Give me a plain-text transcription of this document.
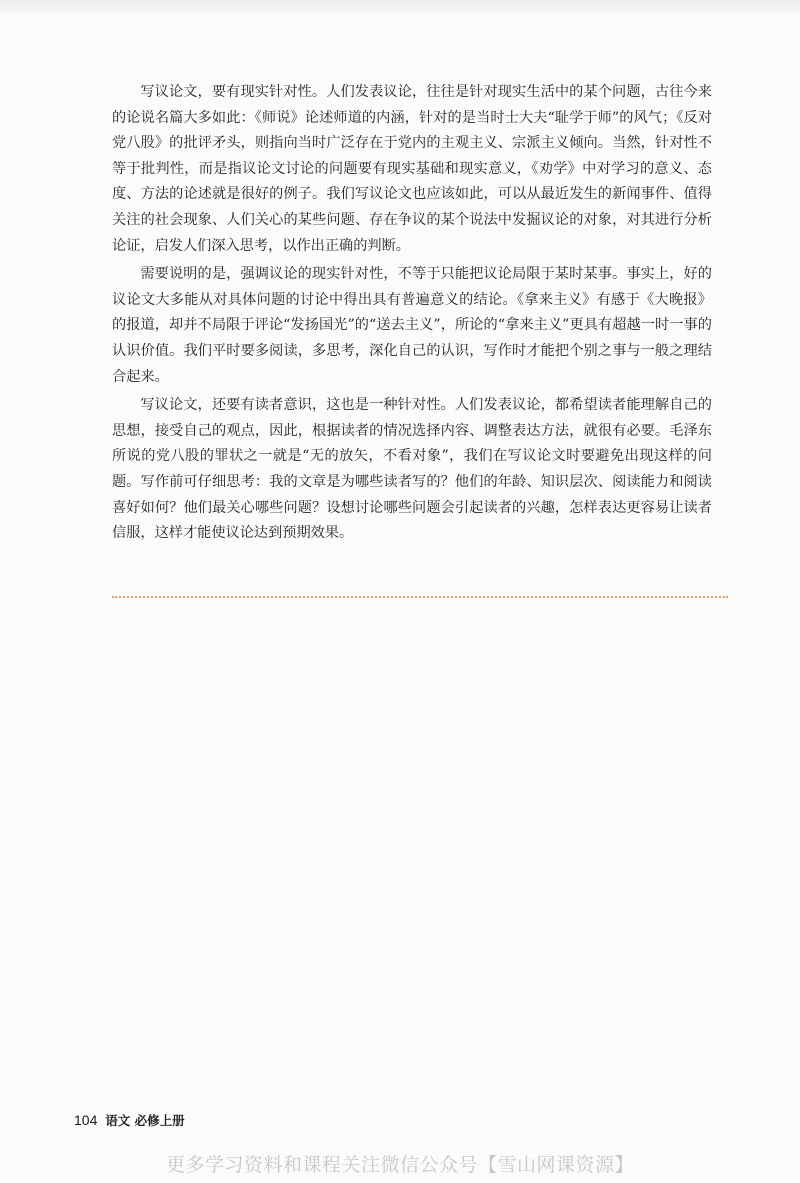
写议论文，要有现实针对性。人们发表议论，往往是针对现实生活中的某个问题，古往今来的论说名篇大多如此：《师说》论述师道的内涵，针对的是当时士大夫“耻学于师”的风气；《反对党八股》的批评矛头，则指向当时广泛存在于党内的主观主义、宗派主义倾向。当然，针对性不等于批判性，而是指议论文讨论的问题要有现实基础和现实意义，《劝学》中对学习的意义、态度、方法的论述就是很好的例子。我们写议论文也应该如此，可以从最近发生的新闻事件、值得关注的社会现象、人们关心的某些问题、存在争议的某个说法中发掘议论的对象，对其进行分析论证，启发人们深入思考，以作出正确的判断。

需要说明的是，强调议论的现实针对性，不等于只能把议论局限于某时某事。事实上，好的议论文大多能从对具体问题的讨论中得出具有普遍意义的结论。《拿来主义》有感于《大晚报》的报道，却并不局限于评论“发扬国光”的“送去主义”，所论的“拿来主义”更具有超越一时一事的认识价值。我们平时要多阅读，多思考，深化自己的认识，写作时才能把个别之事与一般之理结合起来。

写议论文，还要有读者意识，这也是一种针对性。人们发表议论，都希望读者能理解自己的思想，接受自己的观点，因此，根据读者的情况选择内容、调整表达方法，就很有必要。毛泽东所说的党八股的罪状之一就是“无的放矢，不看对象”，我们在写议论文时要避免出现这样的问题。写作前可仔细思考：我的文章是为哪些读者写的？他们的年龄、知识层次、阅读能力和阅读喜好如何？他们最关心哪些问题？设想讨论哪些问题会引起读者的兴趣，怎样表达更容易让读者信服，这样才能使议论达到预期效果。

104 语文 必修上册
更多学习资料和课程关注微信公众号【雪山网课资源】
